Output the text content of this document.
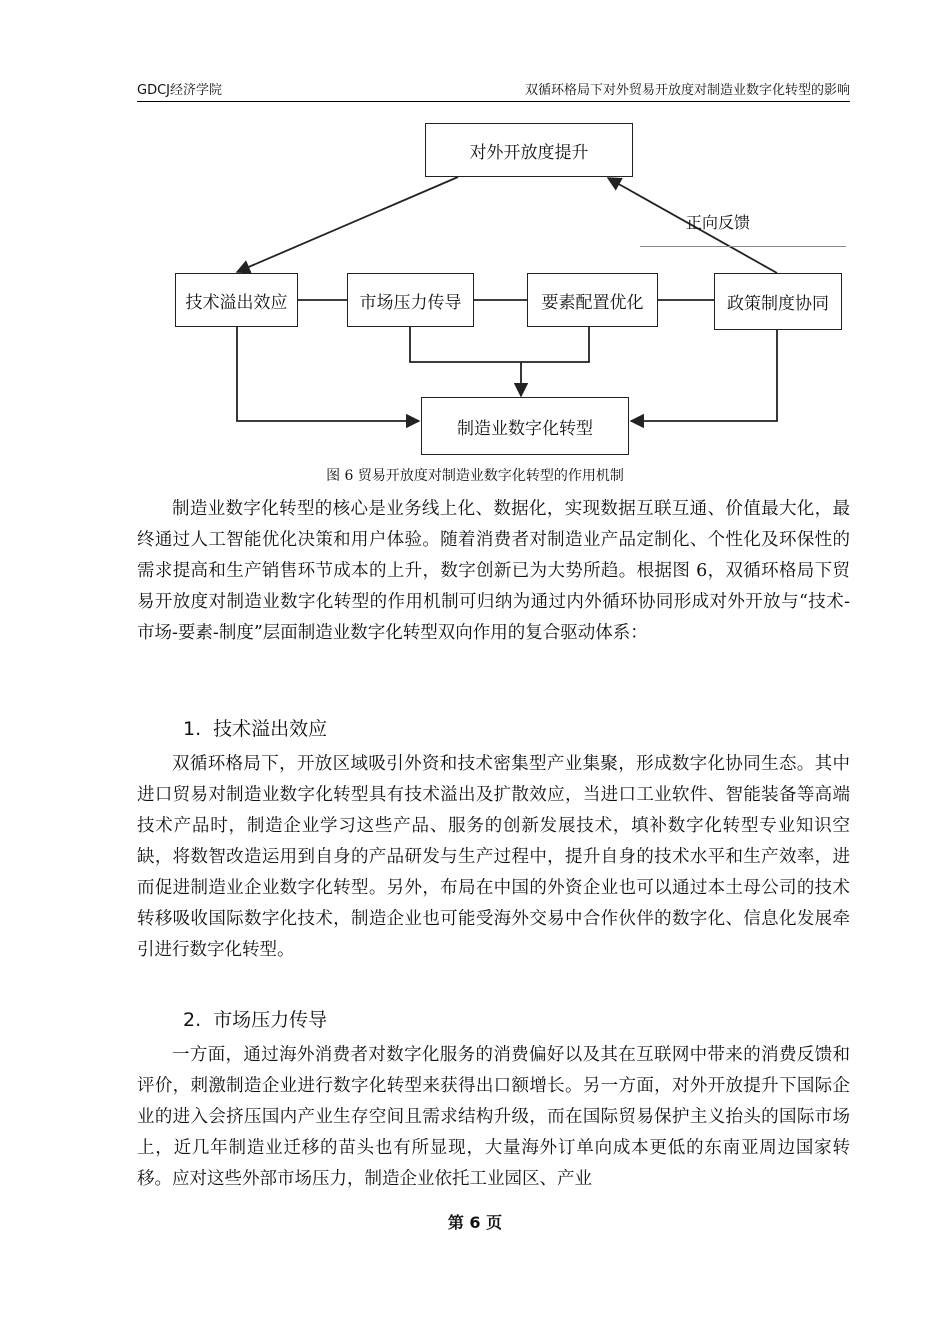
GDCJ经济学院	双循环格局下对外贸易开放度对制造业数字化转型的影响
对外开放度提升
技术溢出效应	市场压力传导	要素配置优化	政策制度协同
制造业数字化转型
正向反馈
图 6 贸易开放度对制造业数字化转型的作用机制

制造业数字化转型的核心是业务线上化、数据化，实现数据互联互通、价值最大化，最终通过人工智能优化决策和用户体验。随着消费者对制造业产品定制化、个性化及环保性的需求提高和生产销售环节成本的上升，数字创新已为大势所趋。根据图 6，双循环格局下贸易开放度对制造业数字化转型的作用机制可归纳为通过内外循环协同形成对外开放与“技术-市场-要素-制度”层面制造业数字化转型双向作用的复合驱动体系：

1. 技术溢出效应

双循环格局下，开放区域吸引外资和技术密集型产业集聚，形成数字化协同生态。其中进口贸易对制造业数字化转型具有技术溢出及扩散效应，当进口工业软件、智能装备等高端技术产品时，制造企业学习这些产品、服务的创新发展技术，填补数字化转型专业知识空缺，将数智改造运用到自身的产品研发与生产过程中，提升自身的技术水平和生产效率，进而促进制造业企业数字化转型。另外，布局在中国的外资企业也可以通过本土母公司的技术转移吸收国际数字化技术，制造企业也可能受海外交易中合作伙伴的数字化、信息化发展牵引进行数字化转型。

2. 市场压力传导

一方面，通过海外消费者对数字化服务的消费偏好以及其在互联网中带来的消费反馈和评价，刺激制造企业进行数字化转型来获得出口额增长。另一方面，对外开放提升下国际企业的进入会挤压国内产业生存空间且需求结构升级，而在国际贸易保护主义抬头的国际市场上，近几年制造业迁移的苗头也有所显现，大量海外订单向成本更低的东南亚周边国家转移。应对这些外部市场压力，制造企业依托工业园区、产业

第 6 页
